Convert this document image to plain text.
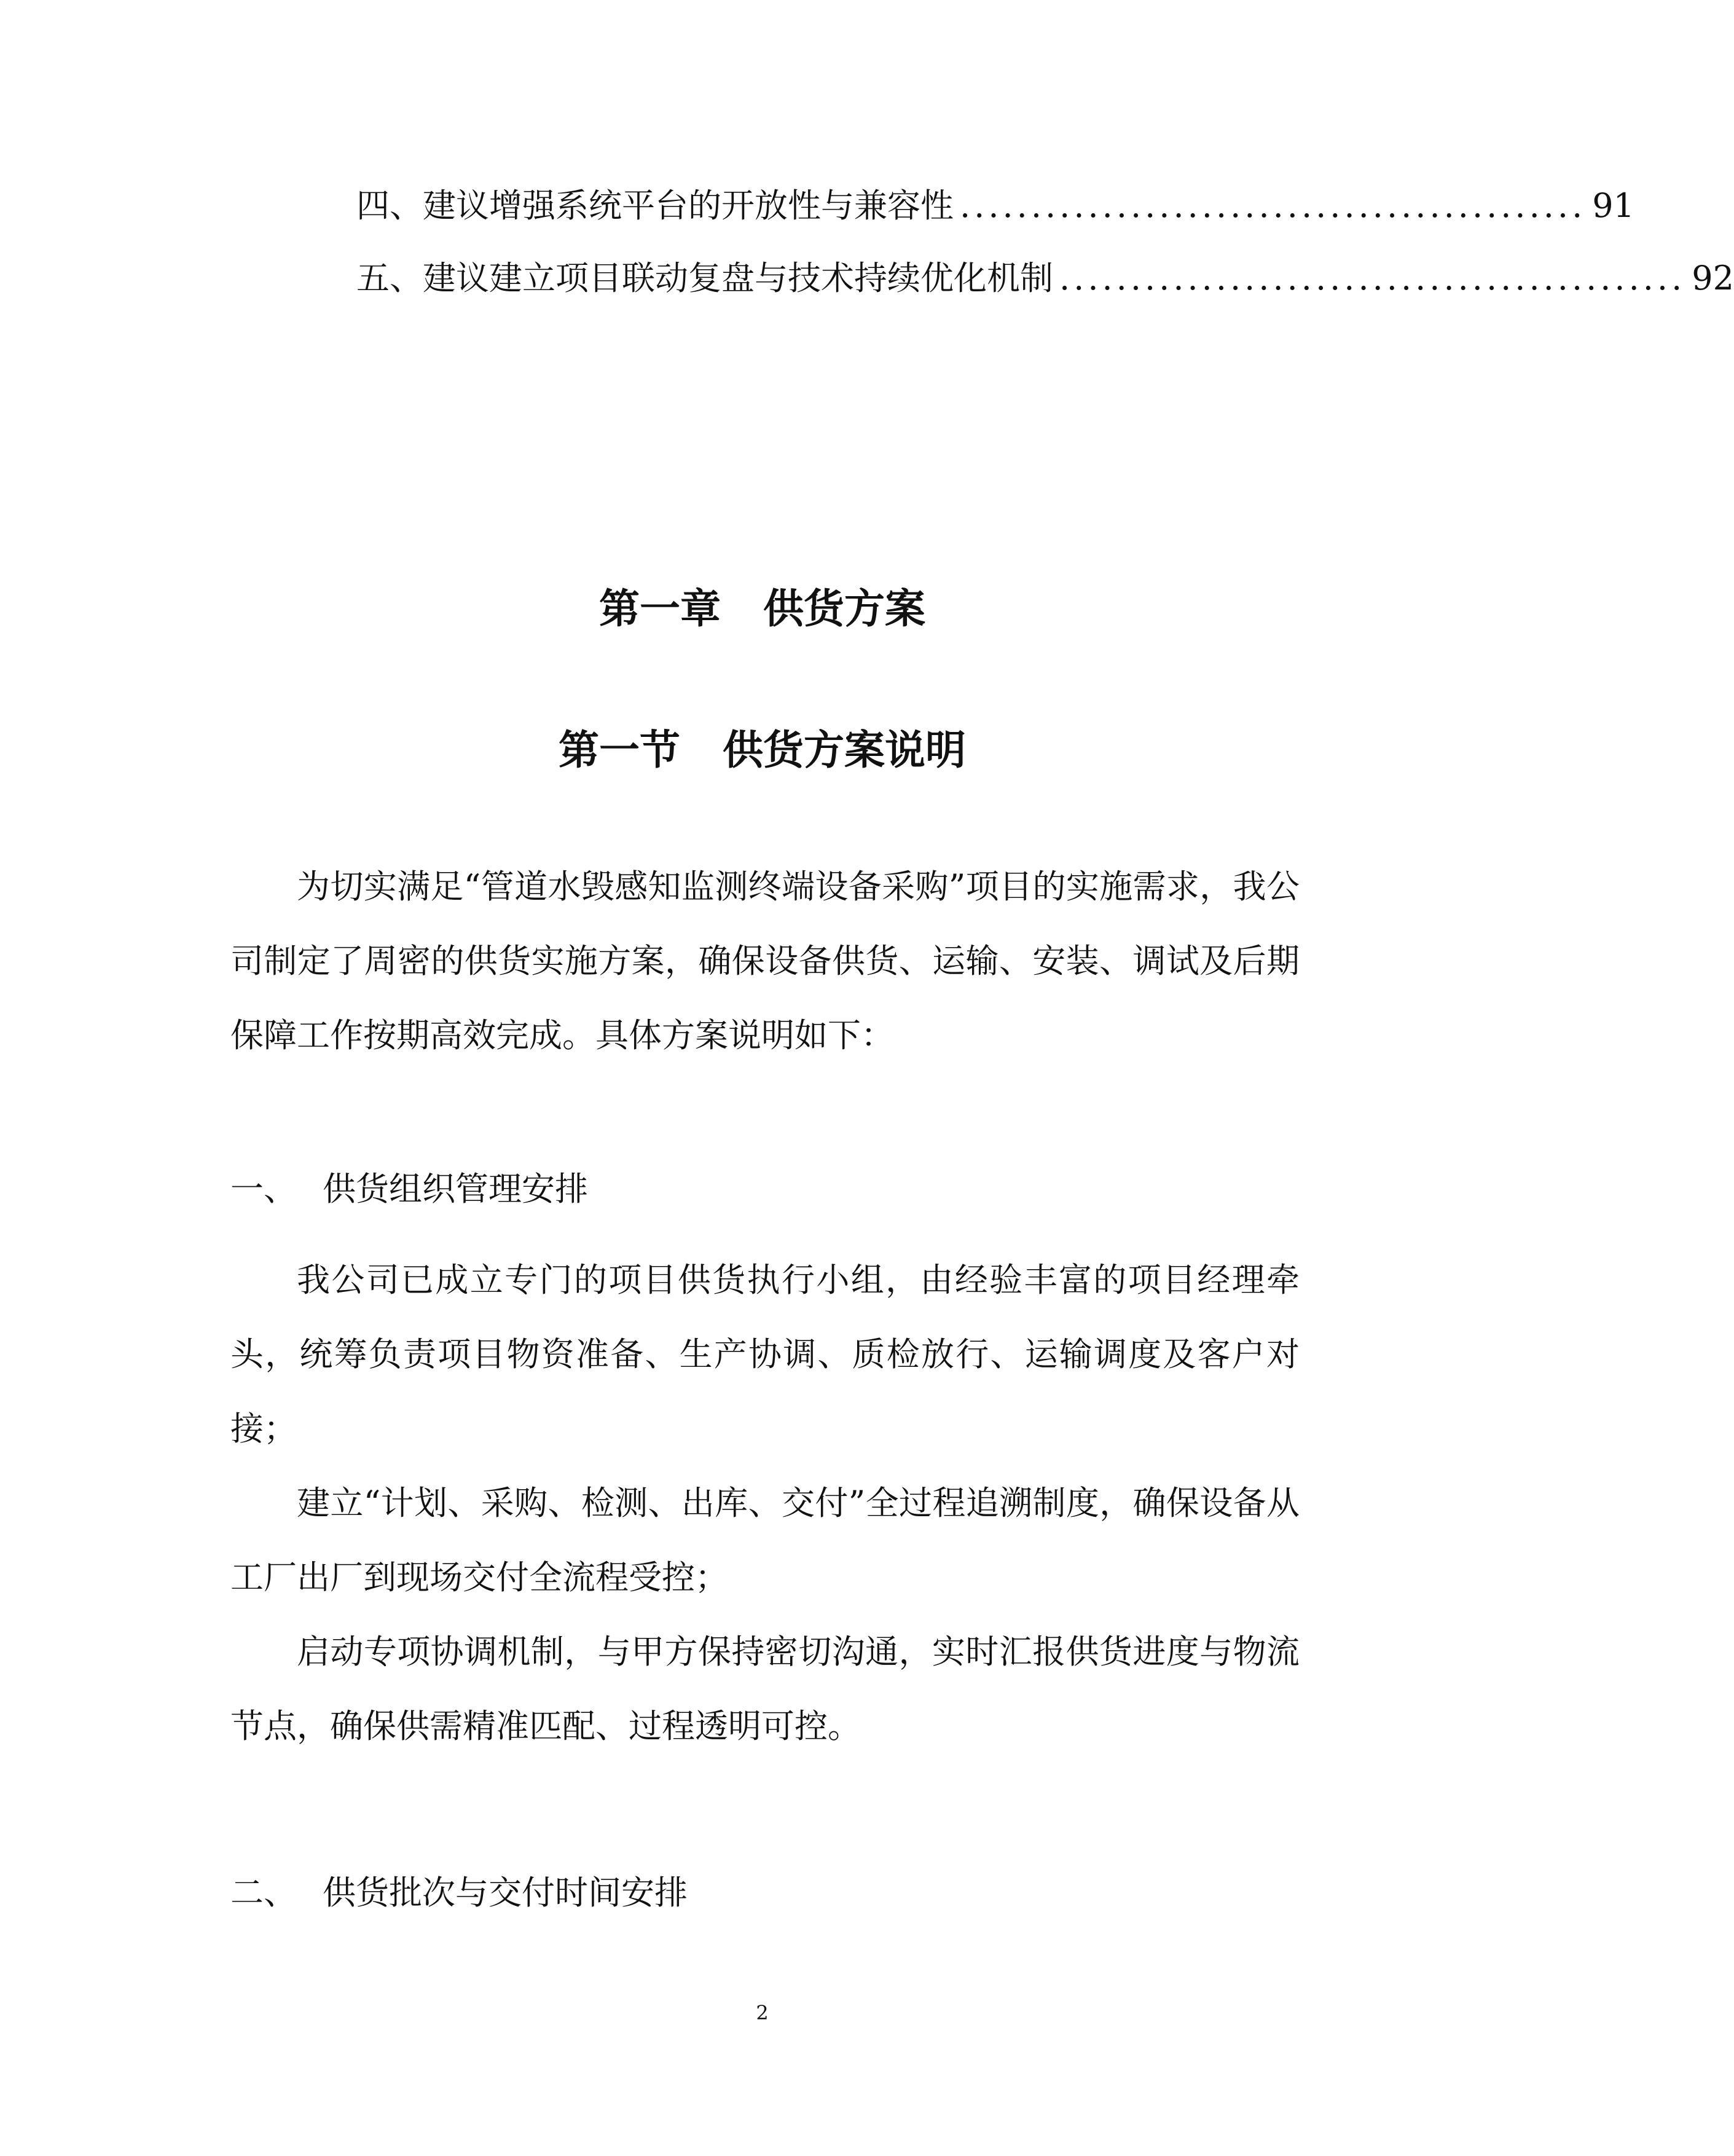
四、 建议增强系统平台的开放性与兼容性 ............................................ 91
五、 建议建立项目联动复盘与技术持续优化机制 ............................................ 92
第一章   供货方案
第一节   供货方案说明

为切实满足“管道水毁感知监测终端设备采购”项目的实施需求，我公司制定了周密的供货实施方案，确保设备供货、运输、安装、调试及后期保障工作按期高效完成。具体方案说明如下：

一、 供货组织管理安排

我公司已成立专门的项目供货执行小组，由经验丰富的项目经理牵头，统筹负责项目物资准备、生产协调、质检放行、运输调度及客户对接；

建立“计划、采购、检测、出库、交付”全过程追溯制度，确保设备从工厂出厂到现场交付全流程受控；

启动专项协调机制，与甲方保持密切沟通，实时汇报供货进度与物流节点，确保供需精准匹配、过程透明可控。

二、 供货批次与交付时间安排
2
